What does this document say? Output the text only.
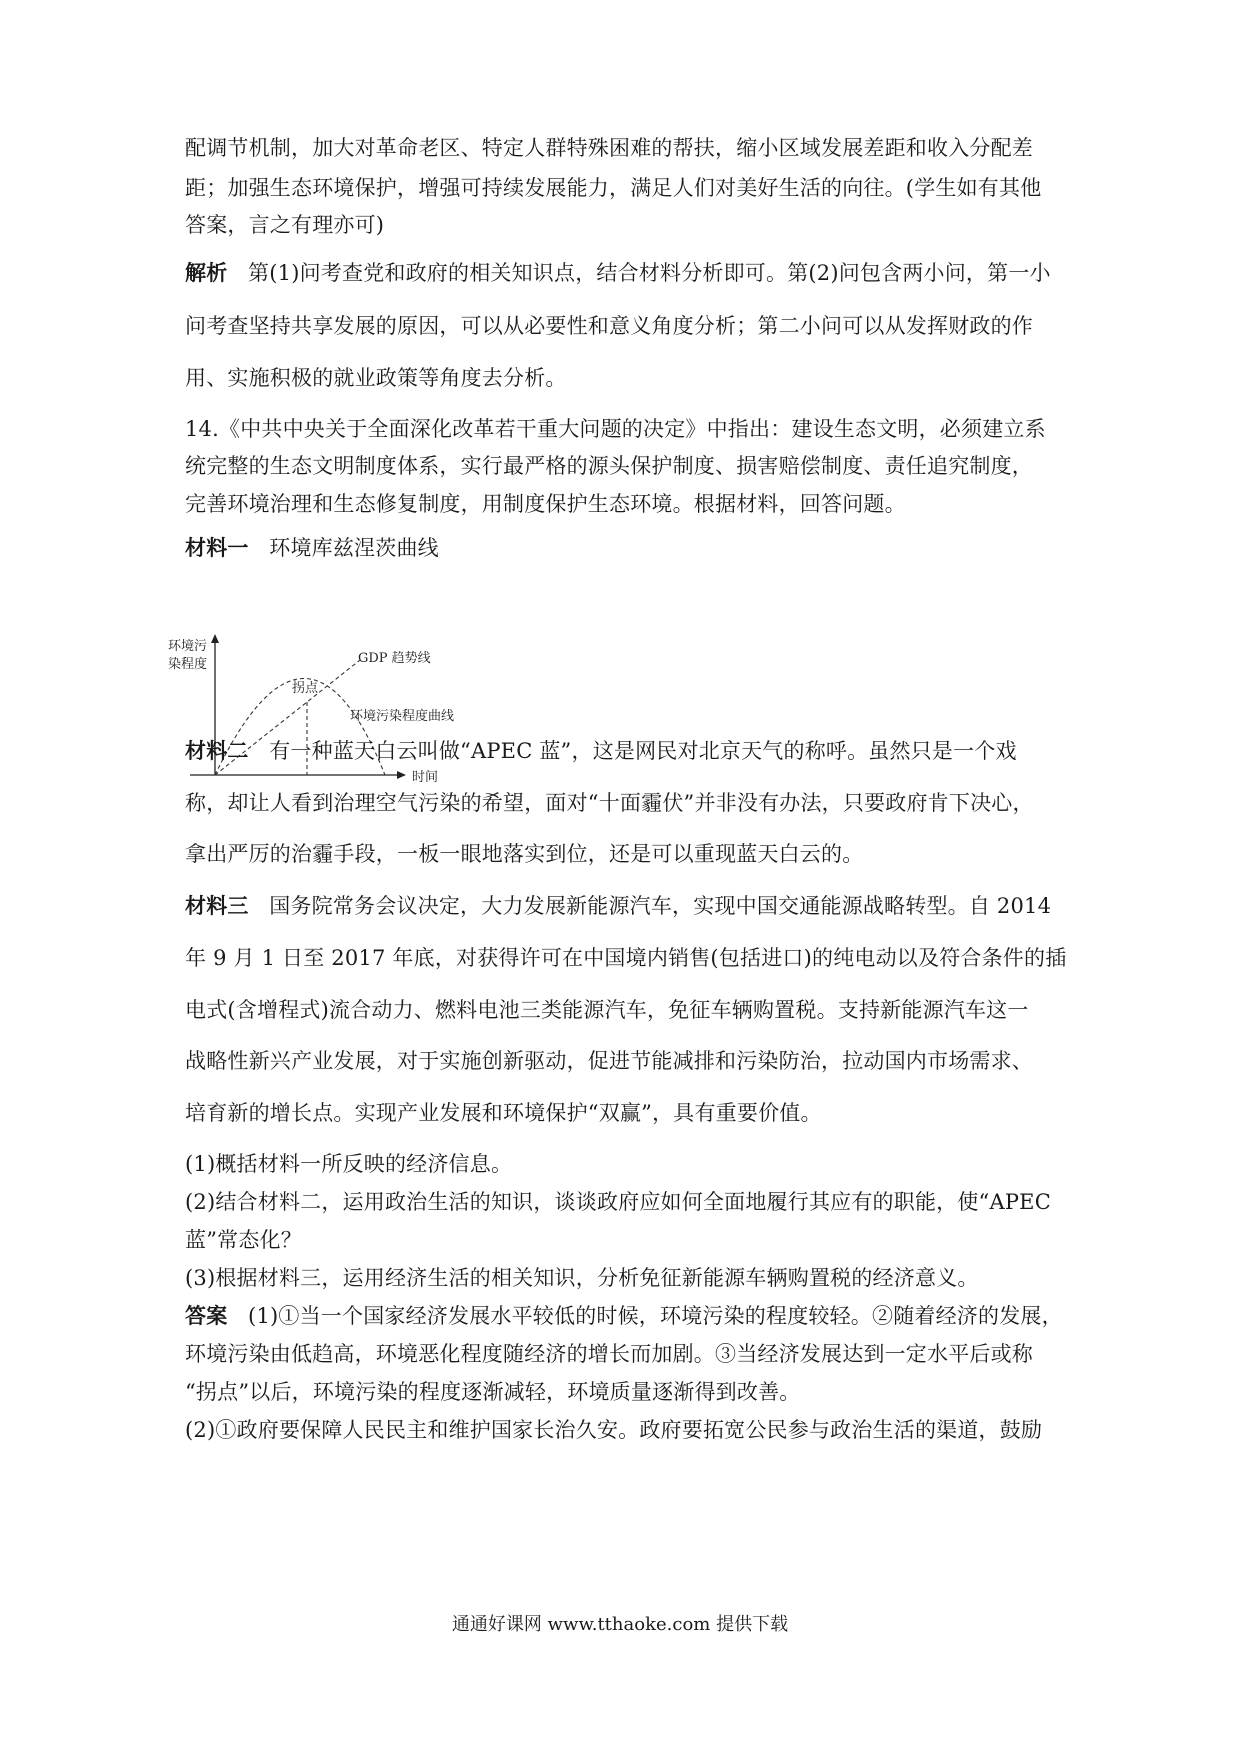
配调节机制，加大对革命老区、特定人群特殊困难的帮扶，缩小区域发展差距和收入分配差
距；加强生态环境保护，增强可持续发展能力，满足人们对美好生活的向往。(学生如有其他
答案，言之有理亦可)
解析 第(1)问考查党和政府的相关知识点，结合材料分析即可。第(2)问包含两小问，第一小
问考查坚持共享发展的原因，可以从必要性和意义角度分析；第二小问可以从发挥财政的作
用、实施积极的就业政策等角度去分析。
14.《中共中央关于全面深化改革若干重大问题的决定》中指出：建设生态文明，必须建立系
统完整的生态文明制度体系，实行最严格的源头保护制度、损害赔偿制度、责任追究制度，
完善环境治理和生态修复制度，用制度保护生态环境。根据材料，回答问题。
材料一 环境库兹涅茨曲线
环境污
染程度
时间
拐点
GDP 趋势线
环境污染程度曲线
材料二 有一种蓝天白云叫做“APEC 蓝”，这是网民对北京天气的称呼。虽然只是一个戏
称，却让人看到治理空气污染的希望，面对“十面霾伏”并非没有办法，只要政府肯下决心，
拿出严厉的治霾手段，一板一眼地落实到位，还是可以重现蓝天白云的。
材料三 国务院常务会议决定，大力发展新能源汽车，实现中国交通能源战略转型。自 2014
年 9 月 1 日至 2017 年底，对获得许可在中国境内销售(包括进口)的纯电动以及符合条件的插
电式(含增程式)流合动力、燃料电池三类能源汽车，免征车辆购置税。支持新能源汽车这一
战略性新兴产业发展，对于实施创新驱动，促进节能减排和污染防治，拉动国内市场需求、
培育新的增长点。实现产业发展和环境保护“双赢”，具有重要价值。
(1)概括材料一所反映的经济信息。
(2)结合材料二，运用政治生活的知识，谈谈政府应如何全面地履行其应有的职能，使“APEC
蓝”常态化？
(3)根据材料三，运用经济生活的相关知识，分析免征新能源车辆购置税的经济意义。
答案 (1)①当一个国家经济发展水平较低的时候，环境污染的程度较轻。②随着经济的发展，
环境污染由低趋高，环境恶化程度随经济的增长而加剧。③当经济发展达到一定水平后或称
“拐点”以后，环境污染的程度逐渐减轻，环境质量逐渐得到改善。
(2)①政府要保障人民民主和维护国家长治久安。政府要拓宽公民参与政治生活的渠道，鼓励
通通好课网 www.tthaoke.com 提供下载
